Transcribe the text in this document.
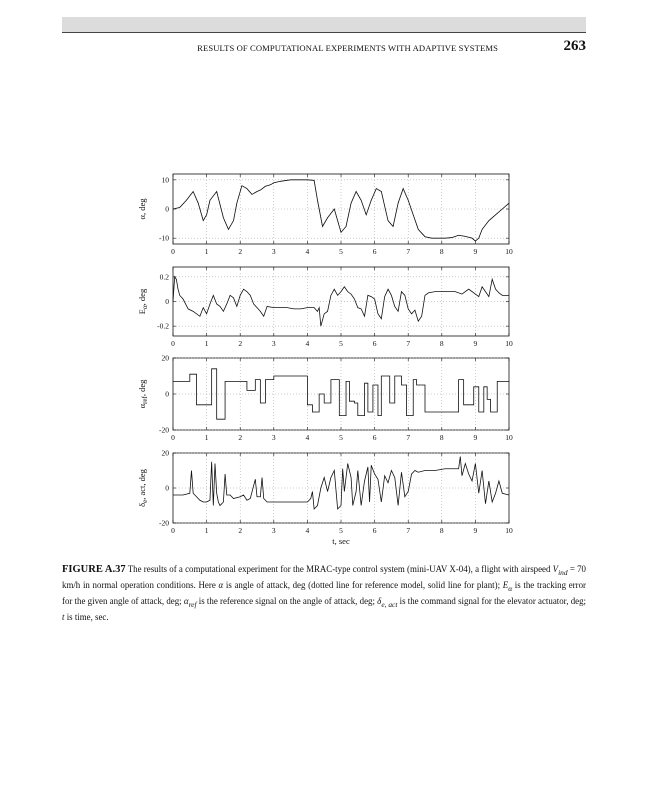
RESULTS OF COMPUTATIONAL EXPERIMENTS WITH ADAPTIVE SYSTEMS	263
0	1	2	3	4	5	6	7	8	9	10
10
0
-10
α, deg
0	1	2	3	4	5	6	7	8	9	10
0.2
0
-0.2
$E_\alpha$, deg
0	1	2	3	4	5	6	7	8	9	10
20
0
-20
$\alpha_{ref}$, deg
0	1	2	3	4	5	6	7	8	9	10
20
0
-20
$\delta_e$, act, deg
t, sec
FIGURE A.37 The results of a computational experiment for the MRAC-type control system (mini-UAV X-04), a flight with airspeed $V_{ind} = 70$ km/h in normal operation conditions. Here α is angle of attack, deg (dotted line for reference model, solid line for plant); $E_\alpha$ is the tracking error for the given angle of attack, deg; $\alpha_{ref}$ is the reference signal on the angle of attack, deg; $\delta_{e, act}$ is the command signal for the elevator actuator, deg; t is time, sec.
